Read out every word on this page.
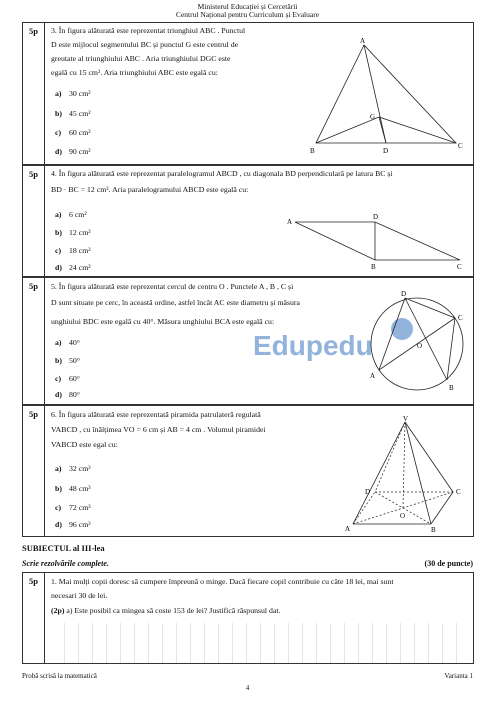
Ministerul Educației și Cercetării
Centrul Național pentru Curriculum și Evaluare
5p	3. În figura alăturată este reprezentat triunghiul ABC . Punctul
D este mijlocul segmentului BC și punctul G este centrul de
greutate al triunghiului ABC . Aria triunghiului DGC este
egală cu 15 cm². Aria triunghiului ABC este egală cu:
a) 30 cm²
b) 45 cm²
c) 60 cm²
d) 90 cm²
A
G
B	D
C
5p	4. În figura alăturată este reprezentat paralelogramul ABCD , cu diagonala BD perpendiculară pe latura BC și
BD · BC = 12 cm². Aria paralelogramului ABCD este egală cu:
a) 6 cm²
b) 12 cm²
c) 18 cm²
d) 24 cm²
A
D
B	C
5p	5. În figura alăturată este reprezentat cercul de centru O . Punctele A , B , C și
D sunt situate pe cerc, în această ordine, astfel încât AC este diametru și măsura
unghiului BDC este egală cu 40°. Măsura unghiului BCA este egală cu:
a) 40°
b) 50°
c) 60°
d) 80°
Edupedu
D
C
O
A
B
5p	6. În figura alăturată este reprezentată piramida patrulateră regulată
VABCD , cu înălțimea VO = 6 cm și AB = 4 cm . Volumul piramidei
VABCD este egal cu:
a) 32 cm³
b) 48 cm³
c) 72 cm³
d) 96 cm³
V
D	C
O
A	B
SUBIECTUL al III-lea
Scrie rezolvările complete.	(30 de puncte)
5p	1. Mai mulți copii doresc să cumpere împreună o minge. Dacă fiecare copil contribuie cu câte 18 lei, mai sunt
necesari 30 de lei.
(2p) a) Este posibil ca mingea să coste 153 de lei? Justifică răspunsul dat.
Probă scrisă la matematică	Varianta 1
4
